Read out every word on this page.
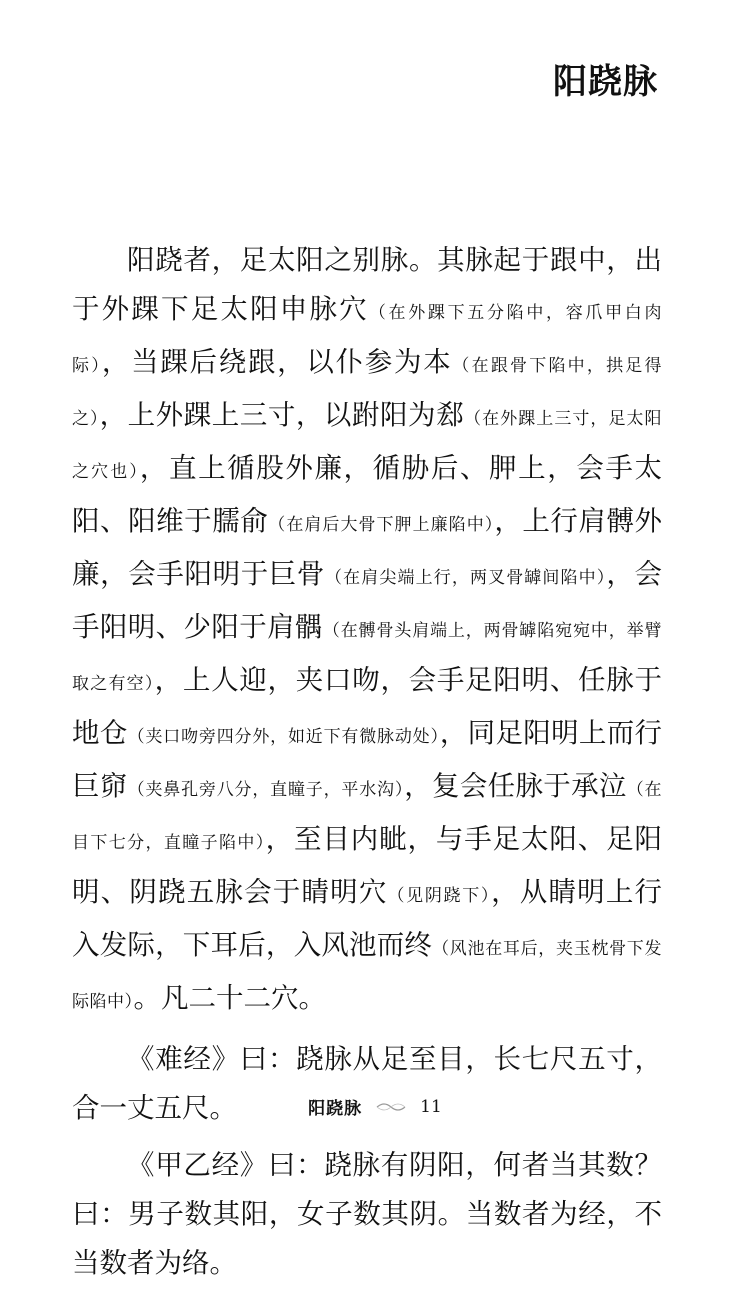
阳跷脉

阳跷者，足太阳之别脉。其脉起于跟中，出于外踝下足太阳申脉穴（在外踝下五分陷中，容爪甲白肉际），当踝后绕跟，以仆参为本（在跟骨下陷中，拱足得之），上外踝上三寸，以跗阳为郄（在外踝上三寸，足太阳之穴也），直上循股外廉，循胁后、胛上，会手太阳、阳维于臑俞（在肩后大骨下胛上廉陷中），上行肩髆外廉，会手阳明于巨骨（在肩尖端上行，两叉骨罅间陷中），会手阳明、少阳于肩髃（在髆骨头肩端上，两骨罅陷宛宛中，举臂取之有空），上人迎，夹口吻，会手足阳明、任脉于地仓（夹口吻旁四分外，如近下有微脉动处），同足阳明上而行巨窌（夹鼻孔旁八分，直瞳子，平水沟），复会任脉于承泣（在目下七分，直瞳子陷中），至目内眦，与手足太阳、足阳明、阴跷五脉会于睛明穴（见阴跷下），从睛明上行入发际，下耳后，入风池而终（风池在耳后，夹玉枕骨下发际陷中）。凡二十二穴。

《难经》曰：跷脉从足至目，长七尺五寸，合一丈五尺。

《甲乙经》曰：跷脉有阴阳，何者当其数？曰：男子数其阳，女子数其阴。当数者为经，不当数者为络。

阳跷脉	11
